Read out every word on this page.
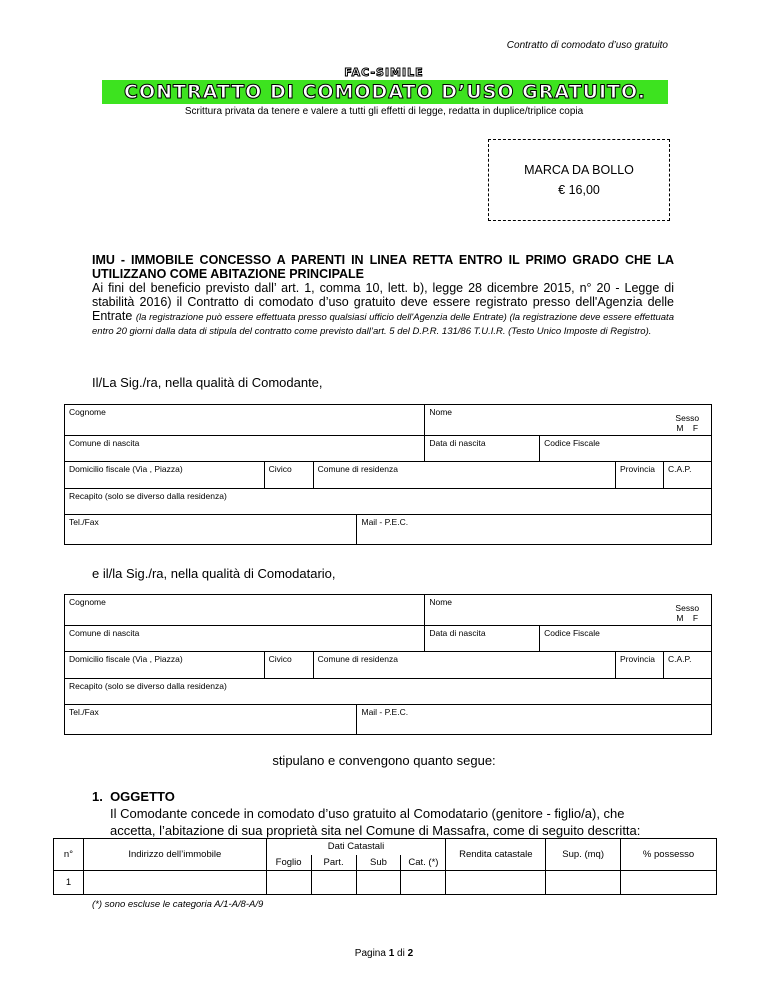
Contratto di comodato d’uso gratuito
FAC-SIMILE
CONTRATTO DI COMODATO D’USO GRATUITO.
Scrittura privata da tenere e valere a tutti gli effetti di legge, redatta in duplice/triplice copia
MARCA DA BOLLO
€ 16,00
IMU - IMMOBILE CONCESSO A PARENTI IN LINEA RETTA ENTRO IL PRIMO GRADO CHE LA UTILIZZANO COME ABITAZIONE PRINCIPALE
Ai fini del beneficio previsto dall’ art. 1, comma 10, lett. b), legge 28 dicembre 2015, n° 20 - Legge di stabilità 2016) il Contratto di comodato d’uso gratuito deve essere registrato presso dell'Agenzia delle Entrate (la registrazione può essere effettuata presso qualsiasi ufficio dell'Agenzia delle Entrate) (la registrazione deve essere effettuata entro 20 giorni dalla data di stipula del contratto come previsto dall’art. 5 del D.P.R. 131/86 T.U.I.R. (Testo Unico Imposte di Registro).
Il/La Sig./ra, nella qualità di Comodante,
Cognome				Nome			Sesso
M    F

Comune di nascita				Data di nascita	Codice Fiscale		
Domicilio fiscale (Via , Piazza)	Civico	Comune di residenza				Provincia	C.A.P.
Recapito (solo se diverso dalla residenza)							
Tel./Fax			Mail - P.E.C.				
e il/la Sig./ra, nella qualità di Comodatario,
Cognome				Nome			Sesso
M    F

Comune di nascita				Data di nascita	Codice Fiscale		
Domicilio fiscale (Via , Piazza)	Civico	Comune di residenza				Provincia	C.A.P.
Recapito (solo se diverso dalla residenza)							
Tel./Fax			Mail - P.E.C.				
stipulano e convengono quanto segue:
1.  OGGETTO
Il Comodante concede in comodato d’uso gratuito al Comodatario (genitore - figlio/a), che accetta, l’abitazione di sua proprietà sita nel Comune di Massafra, come di seguito descritta:
n°	Indirizzo dell’immobile	Dati Catastali				Rendita catastale	Sup. (mq)	% possesso
		Foglio	Part.	Sub	Cat. (*)			
1								
(*) sono escluse le categoria A/1-A/8-A/9
Pagina 1 di 2
